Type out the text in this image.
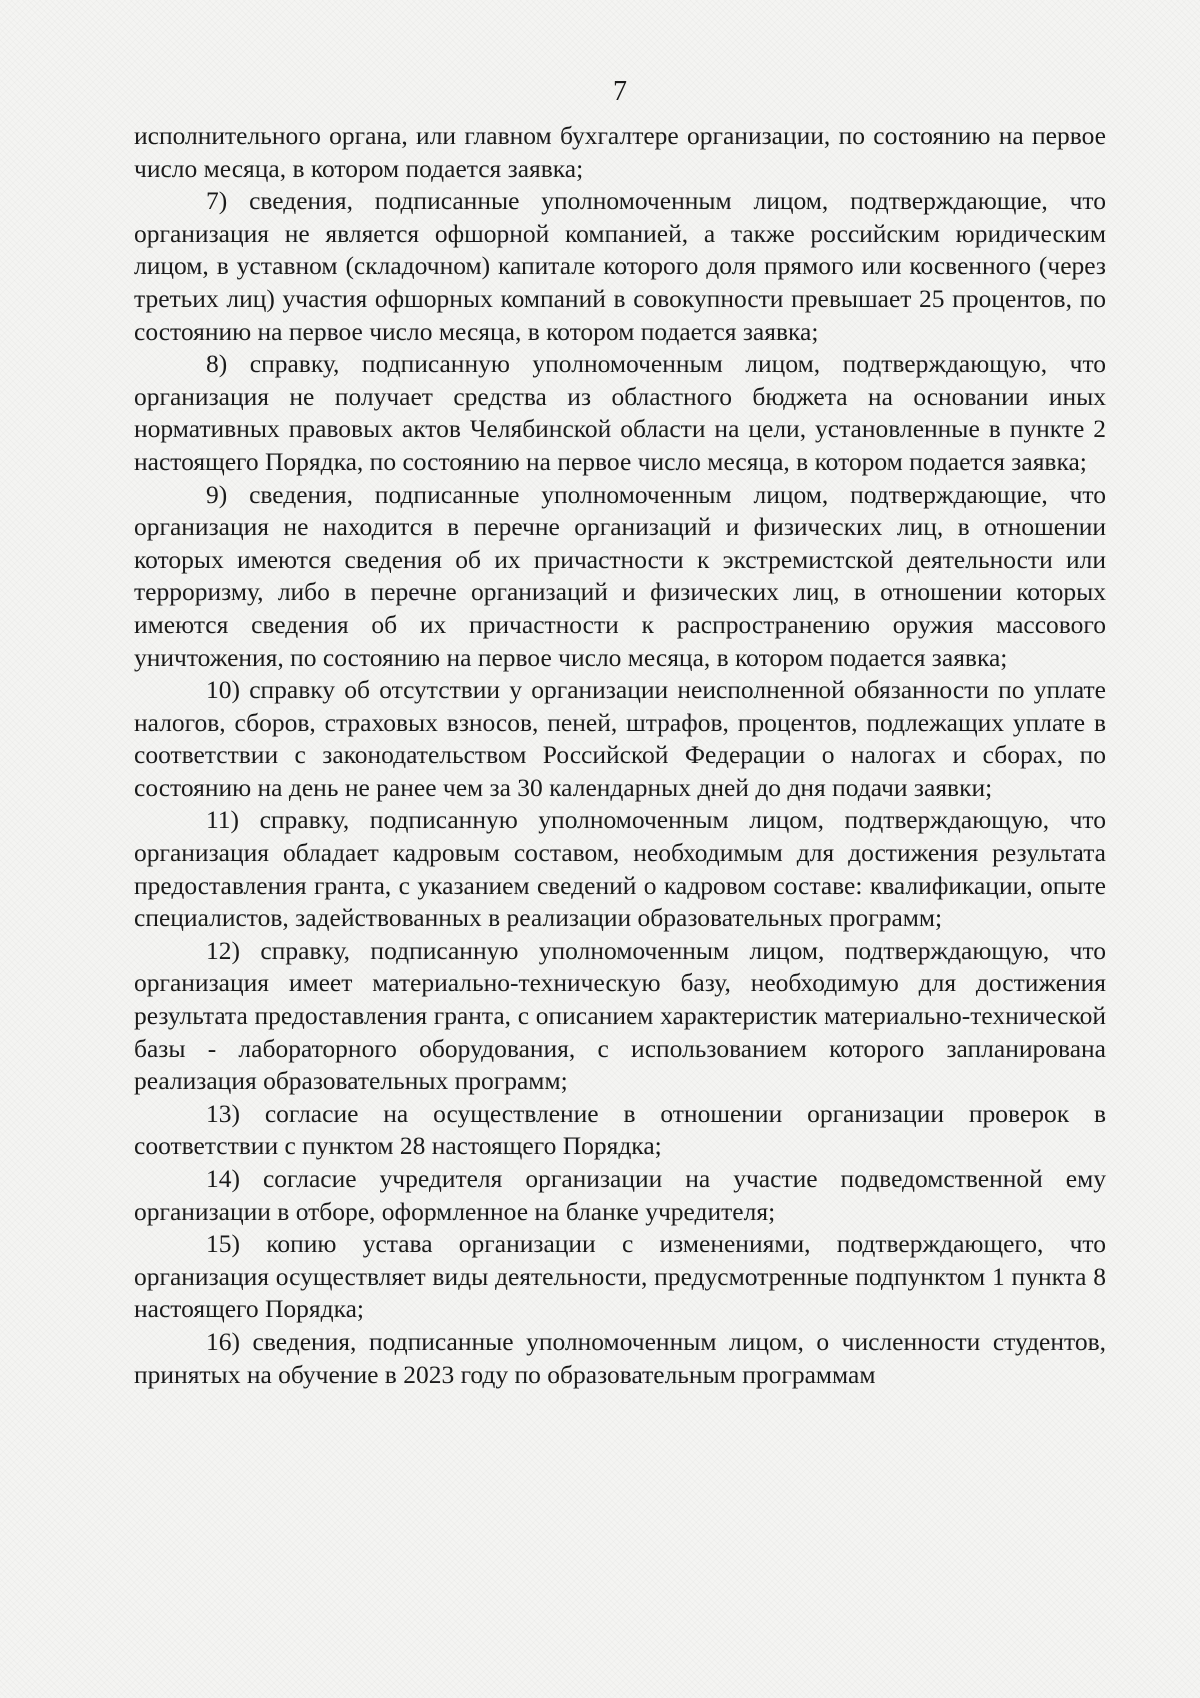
7

исполнительного органа, или главном бухгалтере организации, по состоянию на первое число месяца, в котором подается заявка;

7) сведения, подписанные уполномоченным лицом, подтверждающие, что организация не является офшорной компанией, а также российским юридическим лицом, в уставном (складочном) капитале которого доля прямого или косвенного (через третьих лиц) участия офшорных компаний в совокупности превышает 25 процентов, по состоянию на первое число месяца, в котором подается заявка;

8) справку, подписанную уполномоченным лицом, подтверждающую, что организация не получает средства из областного бюджета на основании иных нормативных правовых актов Челябинской области на цели, установленные в пункте 2 настоящего Порядка, по состоянию на первое число месяца, в котором подается заявка;

9) сведения, подписанные уполномоченным лицом, подтверждающие, что организация не находится в перечне организаций и физических лиц, в отношении которых имеются сведения об их причастности к экстремистской деятельности или терроризму, либо в перечне организаций и физических лиц, в отношении которых имеются сведения об их причастности к распространению оружия массового уничтожения, по состоянию на первое число месяца, в котором подается заявка;

10) справку об отсутствии у организации неисполненной обязанности по уплате налогов, сборов, страховых взносов, пеней, штрафов, процентов, подлежащих уплате в соответствии с законодательством Российской Федерации о налогах и сборах, по состоянию на день не ранее чем за 30 календарных дней до дня подачи заявки;

11) справку, подписанную уполномоченным лицом, подтверждающую, что организация обладает кадровым составом, необходимым для достижения результата предоставления гранта, с указанием сведений о кадровом составе: квалификации, опыте специалистов, задействованных в реализации образовательных программ;

12) справку, подписанную уполномоченным лицом, подтверждающую, что организация имеет материально-техническую базу, необходимую для достижения результата предоставления гранта, с описанием характеристик материально-технической базы - лабораторного оборудования, с использованием которого запланирована реализация образовательных программ;

13) согласие на осуществление в отношении организации проверок в соответствии с пунктом 28 настоящего Порядка;

14) согласие учредителя организации на участие подведомственной ему организации в отборе, оформленное на бланке учредителя;

15) копию устава организации с изменениями, подтверждающего, что организация осуществляет виды деятельности, предусмотренные подпунктом 1 пункта 8 настоящего Порядка;

16) сведения, подписанные уполномоченным лицом, о численности студентов, принятых на обучение в 2023 году по образовательным программам
